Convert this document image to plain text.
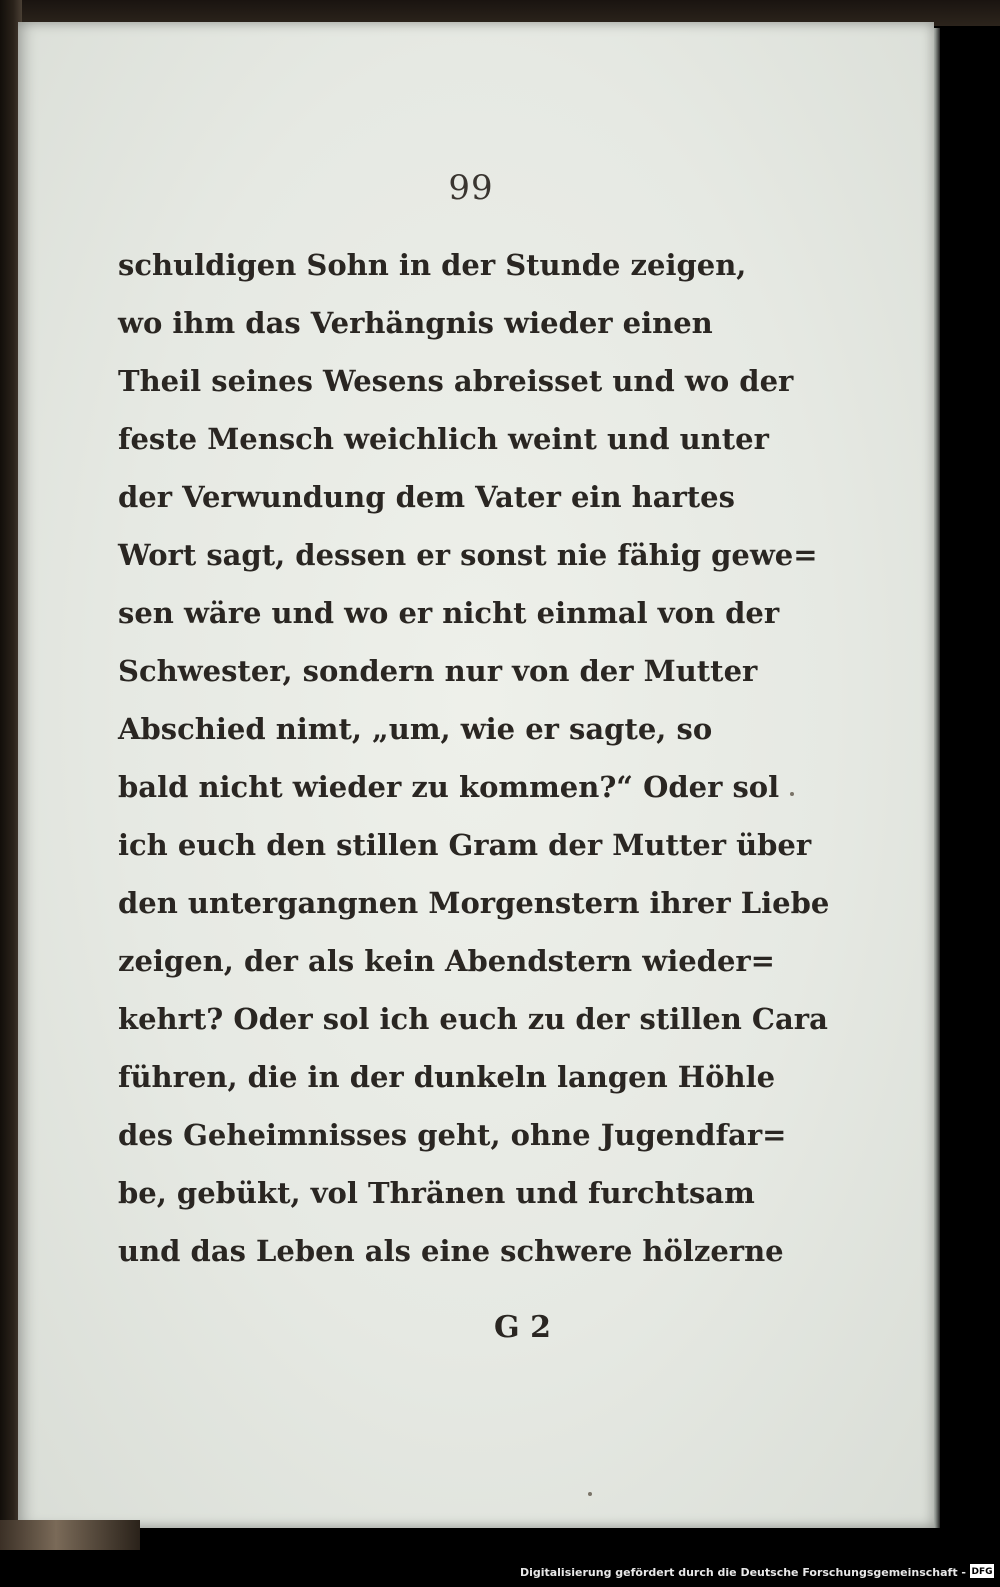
99
schuldigen Sohn in der Stunde zeigen,
wo ihm das Verhängnis wieder einen
Theil seines Wesens abreisset und wo der
feste Mensch weichlich weint und unter
der Verwundung dem Vater ein hartes
Wort sagt, dessen er sonst nie fähig gewe=
sen wäre und wo er nicht einmal von der
Schwester, sondern nur von der Mutter
Abschied nimt, „um, wie er sagte, so
bald nicht wieder zu kommen?“ Oder sol
ich euch den stillen Gram der Mutter über
den untergangnen Morgenstern ihrer Liebe
zeigen, der als kein Abendstern wieder=
kehrt? Oder sol ich euch zu der stillen Cara
führen, die in der dunkeln langen Höhle
des Geheimnisses geht, ohne Jugendfar=
be, gebükt, vol Thränen und furchtsam
und das Leben als eine schwere hölzerne
G 2
Digitalisierung gefördert durch die Deutsche Forschungsgemeinschaft - DFG
